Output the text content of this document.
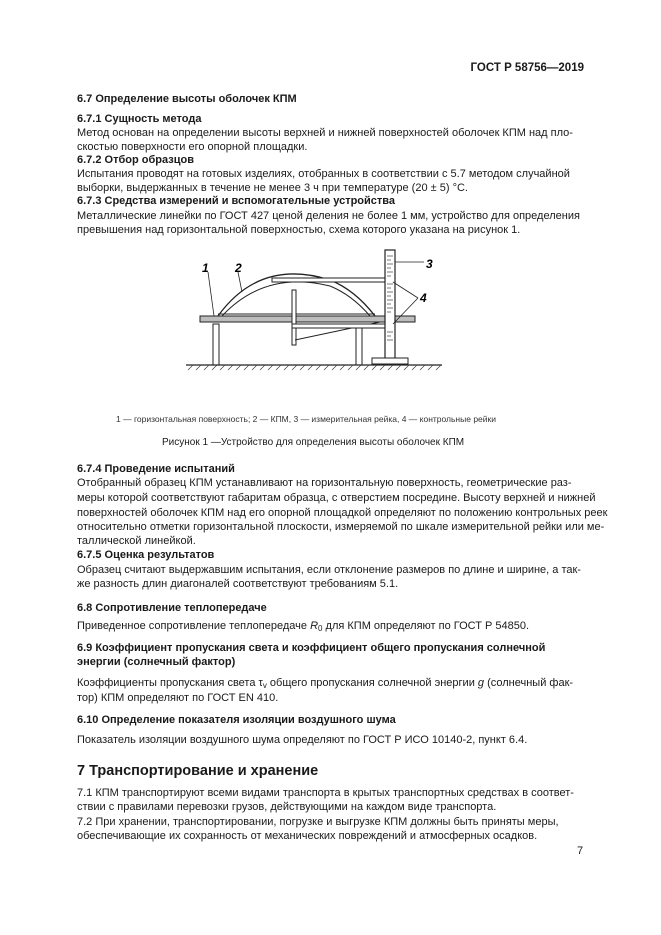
ГОСТ Р 58756—2019
6.7 Определение высоты оболочек КПМ
6.7.1 Сущность метода
Метод основан на определении высоты верхней и нижней поверхностей оболочек КПМ над пло-
скостью поверхности его опорной площадки.
6.7.2 Отбор образцов
Испытания проводят на готовых изделиях, отобранных в соответствии с 5.7 методом случайной
выборки, выдержанных в течение не менее 3 ч при температуре (20 ± 5) °С.
6.7.3 Средства измерений и вспомогательные устройства
Металлические линейки по ГОСТ 427 ценой деления не более 1 мм, устройство для определения
превышения над горизонтальной поверхностью, схема которого указана на рисунок 1.
1 2	3
4
1 — горизонтальная поверхность; 2 — КПМ, 3 — измерительная рейка, 4 — контрольные рейки
Рисунок 1 —Устройство для определения высоты оболочек КПМ
6.7.4 Проведение испытаний
Отобранный образец КПМ устанавливают на горизонтальную поверхность, геометрические раз-
меры которой соответствуют габаритам образца, с отверстием посредине. Высоту верхней и нижней
поверхностей оболочек КПМ над его опорной площадкой определяют по положению контрольных реек
относительно отметки горизонтальной плоскости, измеряемой по шкале измерительной рейки или ме-
таллической линейкой.
6.7.5 Оценка результатов
Образец считают выдержавшим испытания, если отклонение размеров по длине и ширине, а так-
же разность длин диагоналей соответствуют требованиям 5.1.
6.8 Сопротивление теплопередаче
Приведенное сопротивление теплопередаче $R_0$ для КПМ определяют по ГОСТ Р 54850.
6.9 Коэффициент пропускания света и коэффициент общего пропускания солнечной
энергии (солнечный фактор)
Коэффициенты пропускания света $\tau_v$ общего пропускания солнечной энергии g (солнечный фак-
тор) КПМ определяют по ГОСТ EN 410.
6.10 Определение показателя изоляции воздушного шума
Показатель изоляции воздушного шума определяют по ГОСТ Р ИСО 10140-2, пункт 6.4.
7 Транспортирование и хранение
7.1 КПМ транспортируют всеми видами транспорта в крытых транспортных средствах в соответ-
ствии с правилами перевозки грузов, действующими на каждом виде транспорта.
7.2 При хранении, транспортировании, погрузке и выгрузке КПМ должны быть приняты меры,
обеспечивающие их сохранность от механических повреждений и атмосферных осадков.
7
